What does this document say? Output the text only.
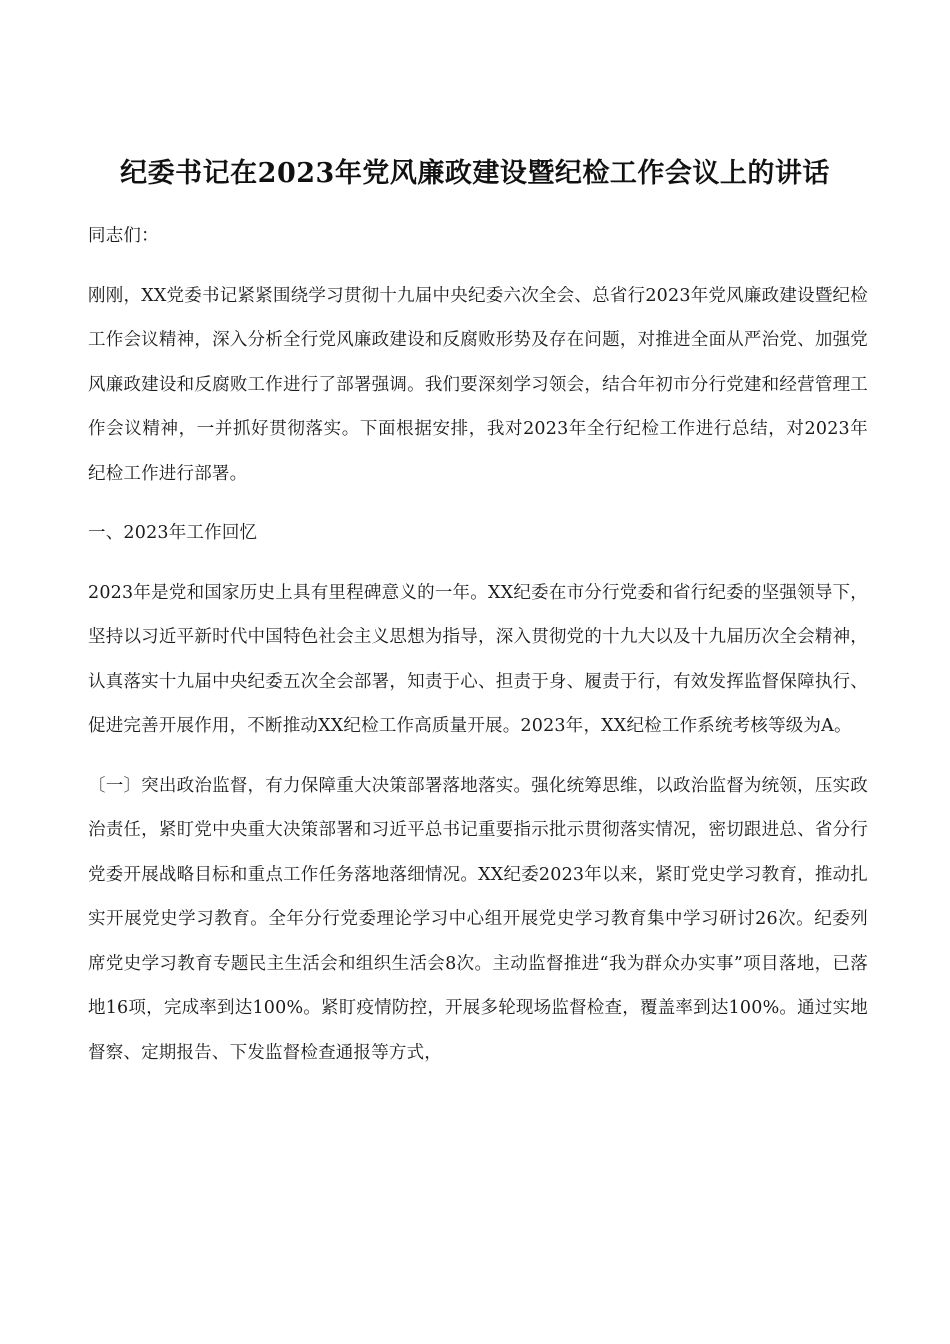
纪委书记在2023年党风廉政建设暨纪检工作会议上的讲话

同志们：

刚刚，XX党委书记紧紧围绕学习贯彻十九届中央纪委六次全会、总省行2023年党风廉政建设暨纪检工作会议精神，深入分析全行党风廉政建设和反腐败形势及存在问题，对推进全面从严治党、加强党风廉政建设和反腐败工作进行了部署强调。我们要深刻学习领会，结合年初市分行党建和经营管理工作会议精神，一并抓好贯彻落实。下面根据安排，我对2023年全行纪检工作进行总结，对2023年纪检工作进行部署。

一、2023年工作回忆

2023年是党和国家历史上具有里程碑意义的一年。XX纪委在市分行党委和省行纪委的坚强领导下，坚持以习近平新时代中国特色社会主义思想为指导，深入贯彻党的十九大以及十九届历次全会精神，认真落实十九届中央纪委五次全会部署，知责于心、担责于身、履责于行，有效发挥监督保障执行、促进完善开展作用，不断推动XX纪检工作高质量开展。2023年，XX纪检工作系统考核等级为A。

〔一〕突出政治监督，有力保障重大决策部署落地落实。强化统筹思维，以政治监督为统领，压实政治责任，紧盯党中央重大决策部署和习近平总书记重要指示批示贯彻落实情况，密切跟进总、省分行党委开展战略目标和重点工作任务落地落细情况。XX纪委2023年以来，紧盯党史学习教育，推动扎实开展党史学习教育。全年分行党委理论学习中心组开展党史学习教育集中学习研讨26次。纪委列席党史学习教育专题民主生活会和组织生活会8次。主动监督推进“我为群众办实事”项目落地，已落地16项，完成率到达100%。紧盯疫情防控，开展多轮现场监督检查，覆盖率到达100%。通过实地督察、定期报告、下发监督检查通报等方式，
